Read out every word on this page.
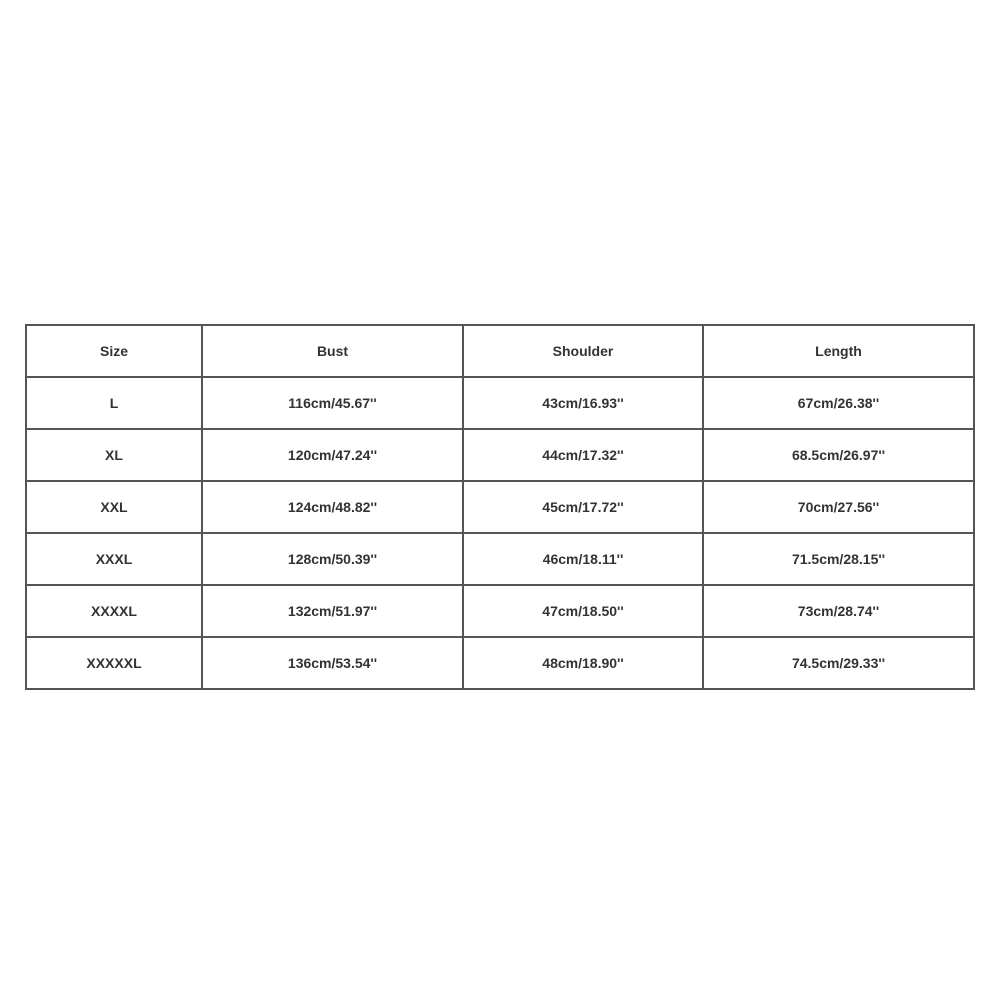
Size	Bust	Shoulder	Length
L	116cm/45.67''	43cm/16.93''	67cm/26.38''
XL	120cm/47.24''	44cm/17.32''	68.5cm/26.97''
XXL	124cm/48.82''	45cm/17.72''	70cm/27.56''
XXXL	128cm/50.39''	46cm/18.11''	71.5cm/28.15''
XXXXL	132cm/51.97''	47cm/18.50''	73cm/28.74''
XXXXXL	136cm/53.54''	48cm/18.90''	74.5cm/29.33''
